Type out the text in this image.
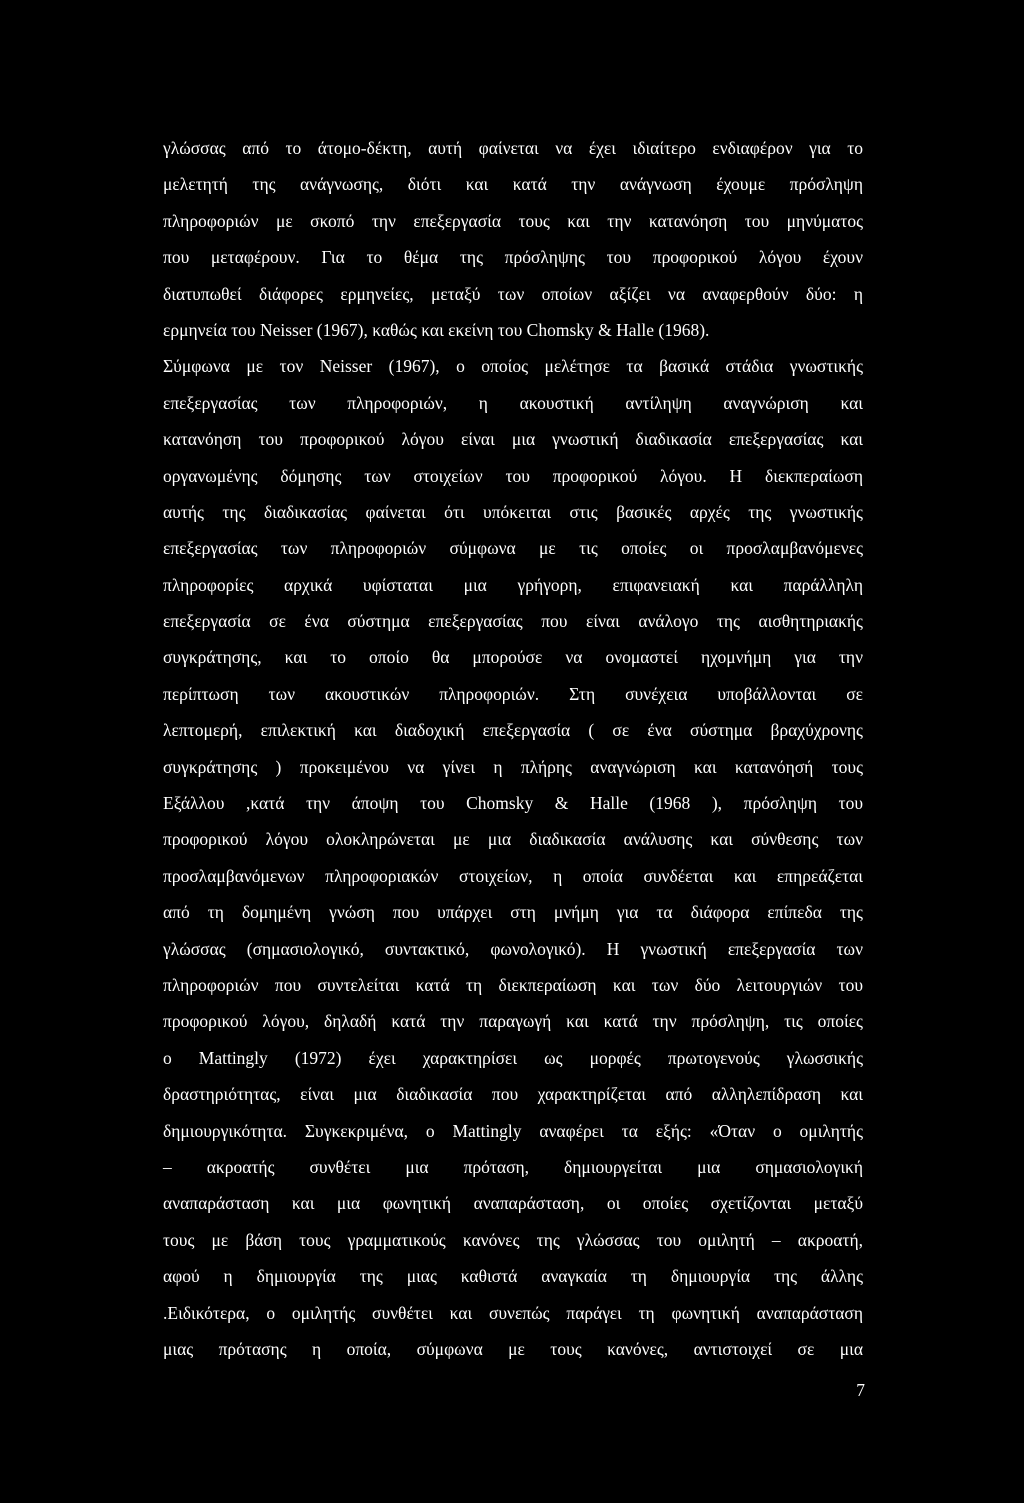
γλώσσας από το άτομο-δέκτη, αυτή φαίνεται να έχει ιδιαίτερο ενδιαφέρον για το
μελετητή της ανάγνωσης, διότι και κατά την ανάγνωση έχουμε πρόσληψη
πληροφοριών με σκοπό την επεξεργασία τους και την κατανόηση του μηνύματος
που μεταφέρουν. Για το θέμα της πρόσληψης του προφορικού λόγου έχουν
διατυπωθεί διάφορες ερμηνείες, μεταξύ των οποίων αξίζει να αναφερθούν δύο: η
ερμηνεία του Neisser (1967), καθώς και εκείνη του Chomsky & Halle (1968).
Σύμφωνα με τον Neisser (1967), ο οποίος μελέτησε τα βασικά στάδια γνωστικής
επεξεργασίας των πληροφοριών, η ακουστική αντίληψη αναγνώριση και
κατανόηση του προφορικού λόγου είναι μια γνωστική διαδικασία επεξεργασίας και
οργανωμένης δόμησης των στοιχείων του προφορικού λόγου. Η διεκπεραίωση
αυτής της διαδικασίας φαίνεται ότι υπόκειται στις βασικές αρχές της γνωστικής
επεξεργασίας των πληροφοριών σύμφωνα με τις οποίες οι προσλαμβανόμενες
πληροφορίες αρχικά υφίσταται μια γρήγορη, επιφανειακή και παράλληλη
επεξεργασία σε ένα σύστημα επεξεργασίας που είναι ανάλογο της αισθητηριακής
συγκράτησης, και το οποίο θα μπορούσε να ονομαστεί ηχομνήμη για την
περίπτωση των ακουστικών πληροφοριών. Στη συνέχεια υποβάλλονται σε
λεπτομερή, επιλεκτική και διαδοχική επεξεργασία ( σε ένα σύστημα βραχύχρονης
συγκράτησης ) προκειμένου να γίνει η πλήρης αναγνώριση και κατανόησή τους
Εξάλλου ,κατά την άποψη του Chomsky & Halle (1968 ), πρόσληψη του
προφορικού λόγου ολοκληρώνεται με μια διαδικασία ανάλυσης και σύνθεσης των
προσλαμβανόμενων πληροφοριακών στοιχείων, η οποία συνδέεται και επηρεάζεται
από τη δομημένη γνώση που υπάρχει στη μνήμη για τα διάφορα επίπεδα της
γλώσσας (σημασιολογικό, συντακτικό, φωνολογικό). Η γνωστική επεξεργασία των
πληροφοριών που συντελείται κατά τη διεκπεραίωση και των δύο λειτουργιών του
προφορικού λόγου, δηλαδή κατά την παραγωγή και κατά την πρόσληψη, τις οποίες
ο Mattingly (1972) έχει χαρακτηρίσει ως μορφές πρωτογενούς γλωσσικής
δραστηριότητας, είναι μια διαδικασία που χαρακτηρίζεται από αλληλεπίδραση και
δημιουργικότητα. Συγκεκριμένα, ο Mattingly αναφέρει τα εξής: «Όταν ο ομιλητής
– ακροατής συνθέτει μια πρόταση, δημιουργείται μια σημασιολογική
αναπαράσταση και μια φωνητική αναπαράσταση, οι οποίες σχετίζονται μεταξύ
τους με βάση τους γραμματικούς κανόνες της γλώσσας του ομιλητή – ακροατή,
αφού η δημιουργία της μιας καθιστά αναγκαία τη δημιουργία της άλλης
.Ειδικότερα, ο ομιλητής συνθέτει και συνεπώς παράγει τη φωνητική αναπαράσταση
μιας πρότασης η οποία, σύμφωνα με τους κανόνες, αντιστοιχεί σε μια
7
